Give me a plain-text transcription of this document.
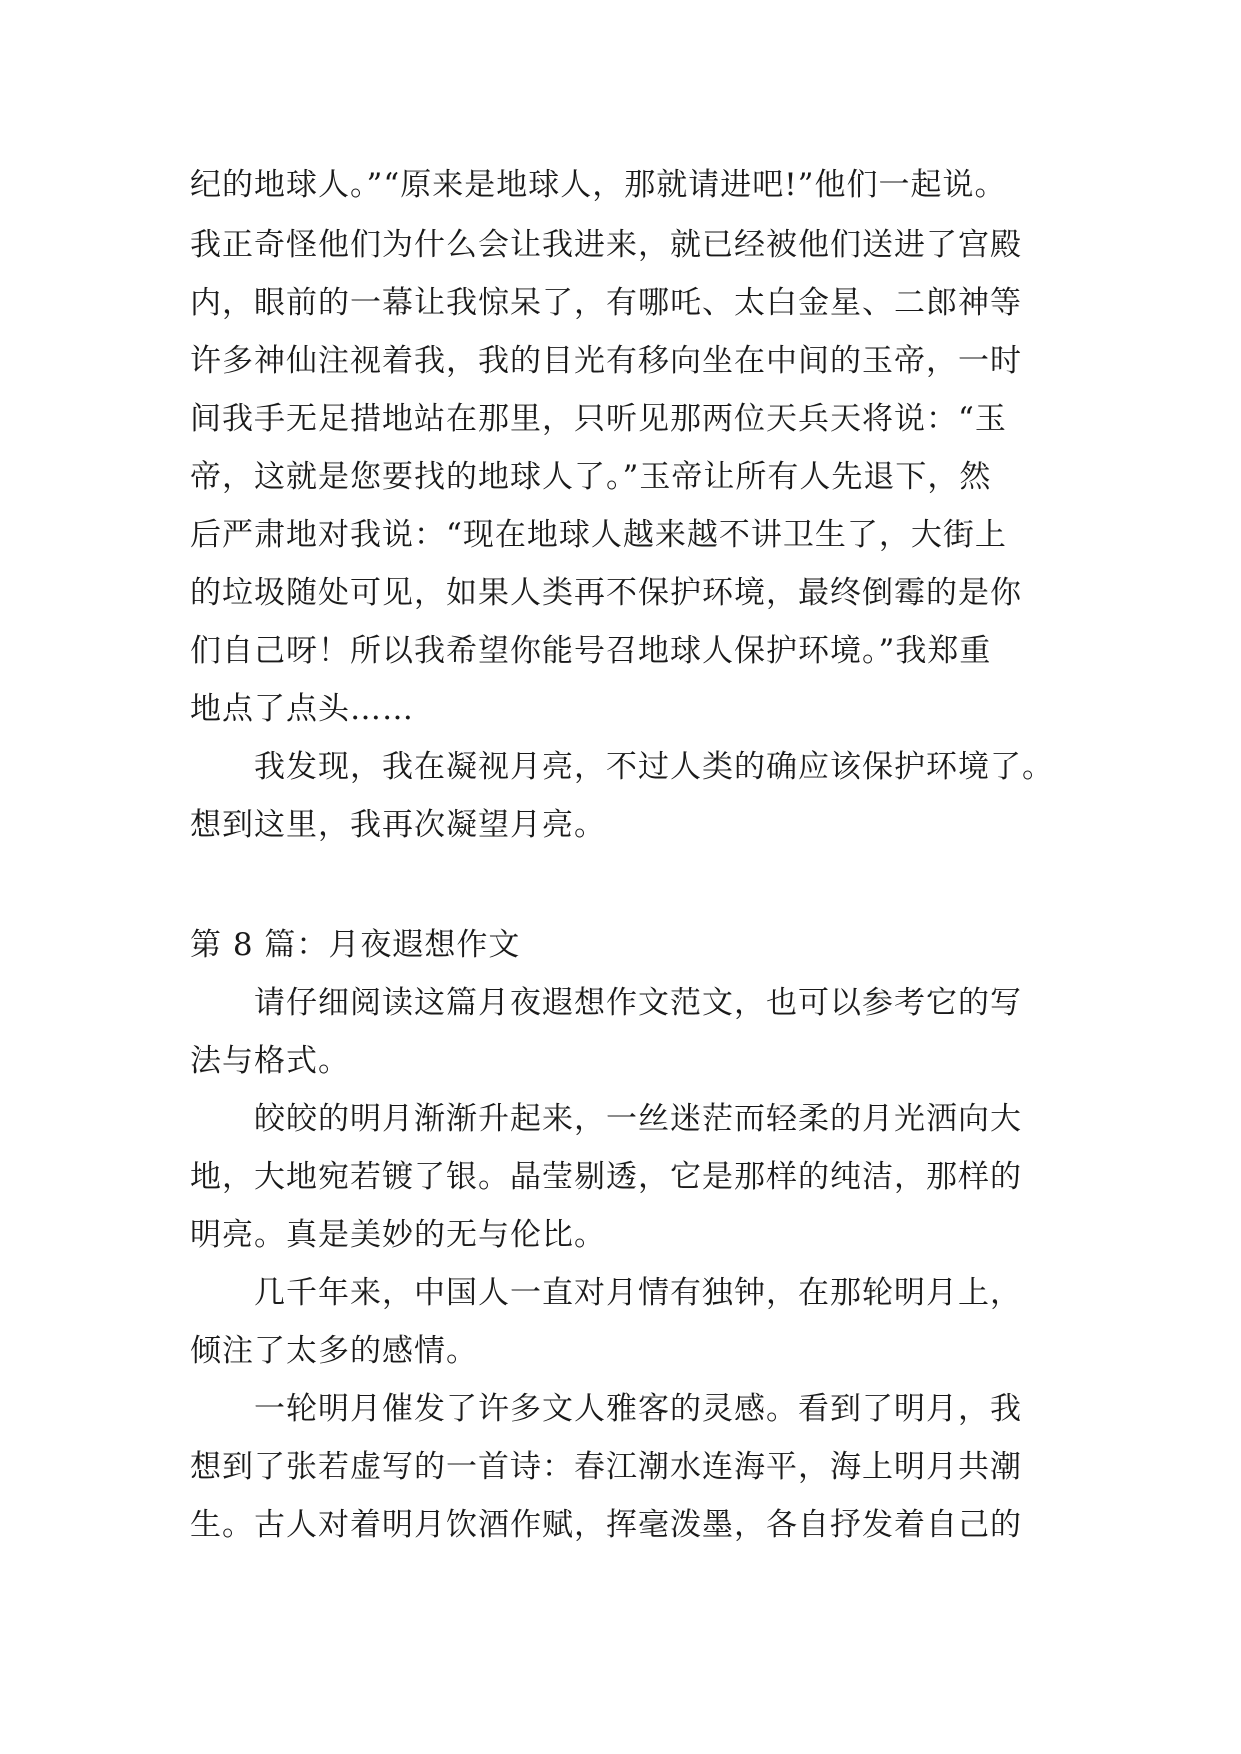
纪的地球人。”“原来是地球人，那就请进吧!”他们一起说。
我正奇怪他们为什么会让我进来，就已经被他们送进了宫殿
内，眼前的一幕让我惊呆了，有哪吒、太白金星、二郎神等
许多神仙注视着我，我的目光有移向坐在中间的玉帝，一时
间我手无足措地站在那里，只听见那两位天兵天将说：“玉
帝，这就是您要找的地球人了。”玉帝让所有人先退下，然
后严肃地对我说：“现在地球人越来越不讲卫生了，大街上
的垃圾随处可见，如果人类再不保护环境，最终倒霉的是你
们自己呀！所以我希望你能号召地球人保护环境。”我郑重
地点了点头……
我发现，我在凝视月亮，不过人类的确应该保护环境了。
想到这里，我再次凝望月亮。
第 8 篇：月夜遐想作文
请仔细阅读这篇月夜遐想作文范文，也可以参考它的写
法与格式。
皎皎的明月渐渐升起来，一丝迷茫而轻柔的月光洒向大
地，大地宛若镀了银。晶莹剔透，它是那样的纯洁，那样的
明亮。真是美妙的无与伦比。
几千年来，中国人一直对月情有独钟，在那轮明月上，
倾注了太多的感情。
一轮明月催发了许多文人雅客的灵感。看到了明月，我
想到了张若虚写的一首诗：春江潮水连海平，海上明月共潮
生。古人对着明月饮酒作赋，挥毫泼墨，各自抒发着自己的
